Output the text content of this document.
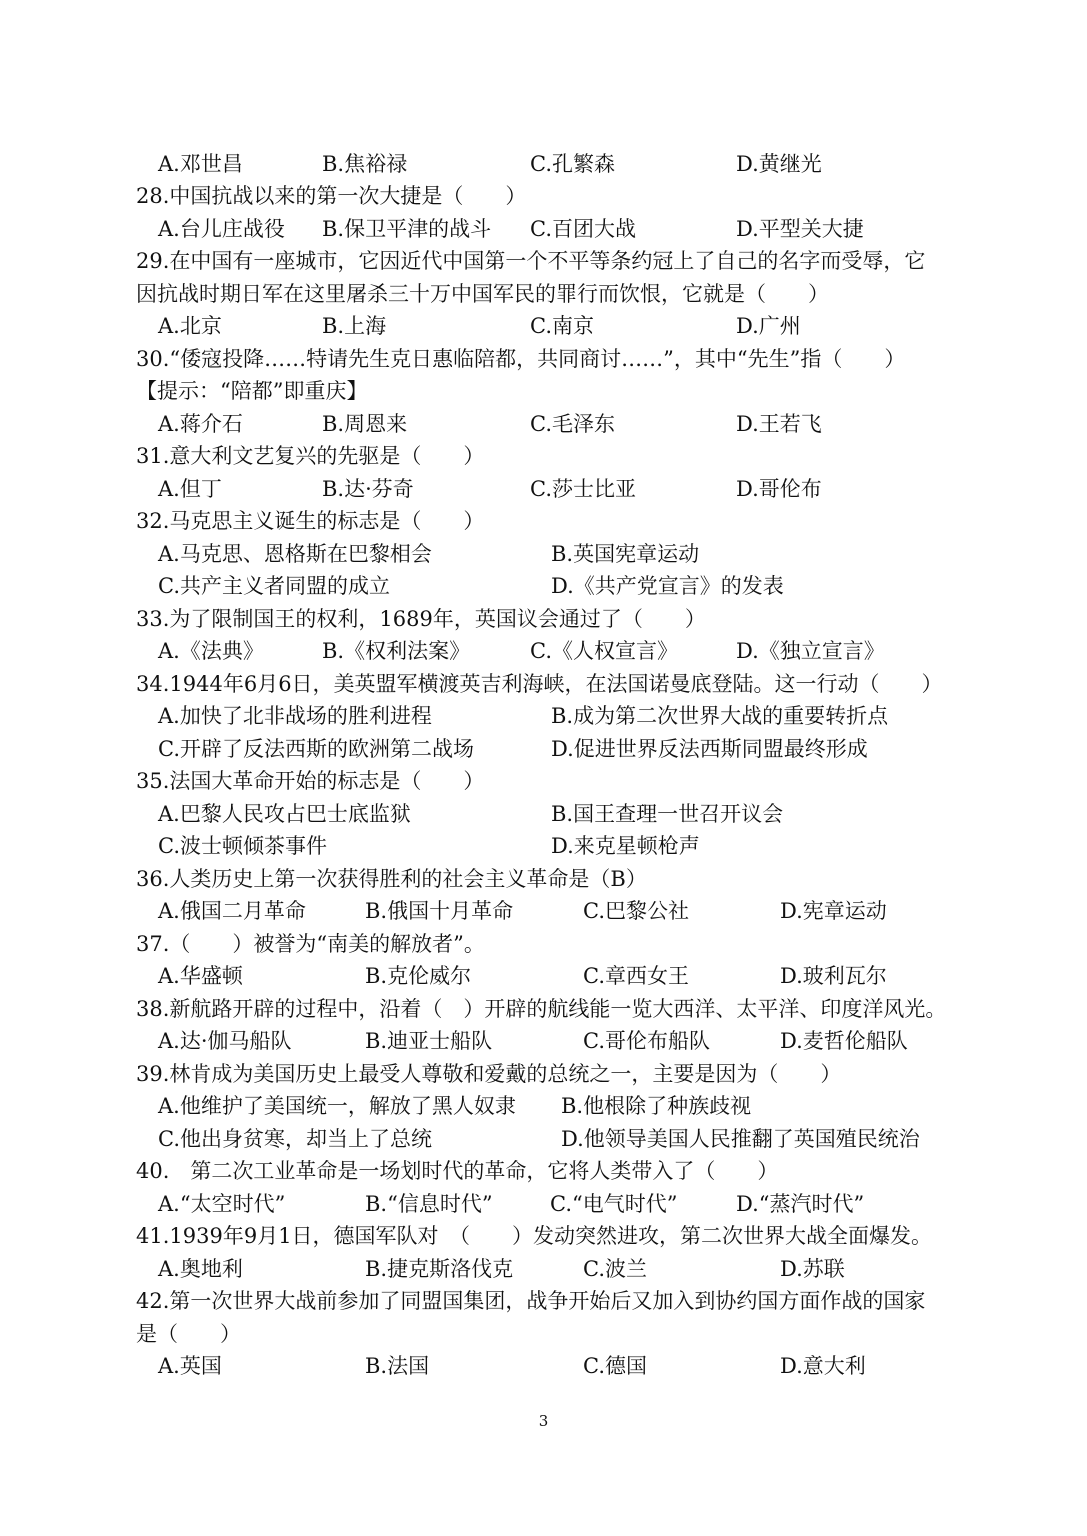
A.邓世昌	B.焦裕禄	C.孔繁森	D.黄继光
28.中国抗战以来的第一次大捷是（　　）
A.台儿庄战役 B.保卫平津的战斗 C.百团大战	D.平型关大捷
29.在中国有一座城市，它因近代中国第一个不平等条约冠上了自己的名字而受辱，它
因抗战时期日军在这里屠杀三十万中国军民的罪行而饮恨，它就是（　　）
A.北京	B.上海	C.南京	D.广州
30.“倭寇投降……特请先生克日惠临陪都，共同商讨……”，其中“先生”指（　　）
【提示：“陪都”即重庆】
A.蒋介石	B.周恩来	C.毛泽东	D.王若飞
31.意大利文艺复兴的先驱是（　　）
A.但丁	B.达·芬奇	C.莎士比亚	D.哥伦布
32.马克思主义诞生的标志是（　　）
A.马克思、恩格斯在巴黎相会	B.英国宪章运动
C.共产主义者同盟的成立	D.《共产党宣言》的发表
33.为了限制国王的权利，1689年，英国议会通过了（　　）
A.《法典》	B.《权利法案》	C.《人权宣言》	D.《独立宣言》
34.1944年6月6日，美英盟军横渡英吉利海峡，在法国诺曼底登陆。这一行动（　　）
A.加快了北非战场的胜利进程	B.成为第二次世界大战的重要转折点
C.开辟了反法西斯的欧洲第二战场	D.促进世界反法西斯同盟最终形成
35.法国大革命开始的标志是（　　）
A.巴黎人民攻占巴士底监狱	B.国王查理一世召开议会
C.波士顿倾茶事件	D.来克星顿枪声
36.人类历史上第一次获得胜利的社会主义革命是（B）
A.俄国二月革命	B.俄国十月革命	C.巴黎公社	D.宪章运动
37.（　　）被誉为“南美的解放者”。
A.华盛顿	B.克伦威尔	C.章西女王	D.玻利瓦尔
38.新航路开辟的过程中，沿着（　）开辟的航线能一览大西洋、太平洋、印度洋风光。
A.达·伽马船队	B.迪亚士船队	C.哥伦布船队	D.麦哲伦船队
39.林肯成为美国历史上最受人尊敬和爱戴的总统之一，主要是因为（　　）
A.他维护了美国统一，解放了黑人奴隶 B.他根除了种族歧视
C.他出身贫寒，却当上了总统	D.他领导美国人民推翻了英国殖民统治
40.　第二次工业革命是一场划时代的革命，它将人类带入了（　　）
A.“太空时代”	B.“信息时代”	C.“电气时代”	D.“蒸汽时代”
41.1939年9月1日，德国军队对　（　　）发动突然进攻，第二次世界大战全面爆发。
A.奥地利	B.捷克斯洛伐克	C.波兰	D.苏联
42.第一次世界大战前参加了同盟国集团，战争开始后又加入到协约国方面作战的国家
是（　　）
A.英国	B.法国	C.德国	D.意大利
3
